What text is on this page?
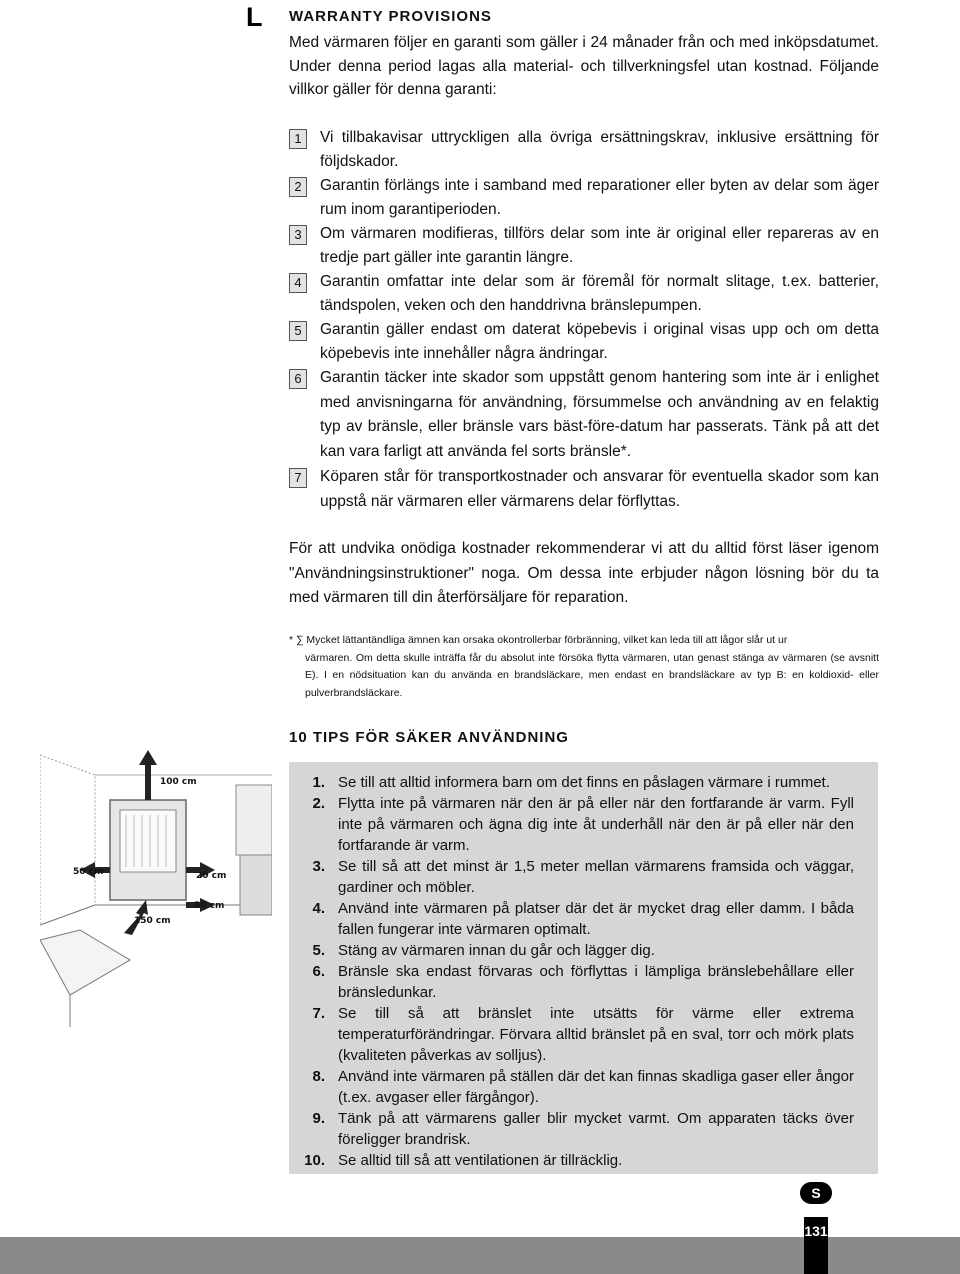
L WARRANTY PROVISIONS
Med värmaren följer en garanti som gäller i 24 månader från och med inköpsdatumet. Under denna period lagas alla material- och tillverkningsfel utan kostnad. Följande villkor gäller för denna garanti:
1	Vi tillbakavisar uttryckligen alla övriga ersättningskrav, inklusive ersättning för följdskador.
2	Garantin förlängs inte i samband med reparationer eller byten av delar som äger rum inom garantiperioden.
3	Om värmaren modifieras, tillförs delar som inte är original eller repareras av en tredje part gäller inte garantin längre.
4	Garantin omfattar inte delar som är föremål för normalt slitage, t.ex. batterier, tändspolen, veken och den handdrivna bränslepumpen.
5	Garantin gäller endast om daterat köpebevis i original visas upp och om detta köpebevis inte innehåller några ändringar.
6	Garantin täcker inte skador som uppstått genom hantering som inte är i enlighet med anvisningarna för användning, försummelse och användning av en felaktig typ av bränsle, eller bränsle vars bäst-före-datum har passerats. Tänk på att det kan vara farligt att använda fel sorts bränsle*.
7	Köparen står för transportkostnader och ansvarar för eventuella skador som kan uppstå när värmaren eller värmarens delar förflyttas.
För att undvika onödiga kostnader rekommenderar vi att du alltid först läser igenom "Användningsinstruktioner" noga. Om dessa inte erbjuder någon lösning bör du ta med värmaren till din återförsäljare för reparation.
* ∑ Mycket lättantändliga ämnen kan orsaka okontrollerbar förbränning, vilket kan leda till att lågor slår ut ur
värmaren. Om detta skulle inträffa får du absolut inte försöka flytta värmaren, utan genast stänga av värmaren (se avsnitt E). I en nödsituation kan du använda en brandsläckare, men endast en brandsläckare av typ B: en koldioxid- eller pulverbrandsläckare.
10 TIPS FÖR SÄKER ANVÄNDNING
100 cm
50 cm	20 cm
50 cm
150 cm
1. Se till att alltid informera barn om det finns en påslagen värmare i rummet.
2. Flytta inte på värmaren när den är på eller när den fortfarande är varm. Fyll inte på värmaren och ägna dig inte åt underhåll när den är på eller när den fortfarande är varm.
3. Se till så att det minst är 1,5 meter mellan värmarens framsida och väggar, gardiner och möbler.
4. Använd inte värmaren på platser där det är mycket drag eller damm. I båda fallen fungerar inte värmaren optimalt.
5. Stäng av värmaren innan du går och lägger dig.
6. Bränsle ska endast förvaras och förflyttas i lämpliga bränslebehållare eller bränsledunkar.
7. Se till så att bränslet inte utsätts för värme eller extrema temperaturförändringar. Förvara alltid bränslet på en sval, torr och mörk plats (kvaliteten påverkas av solljus).
8. Använd inte värmaren på ställen där det kan finnas skadliga gaser eller ångor (t.ex. avgaser eller färgångor).
9. Tänk på att värmarens galler blir mycket varmt. Om apparaten täcks över föreligger brandrisk.
10. Se alltid till så att ventilationen är tillräcklig.
S
131
